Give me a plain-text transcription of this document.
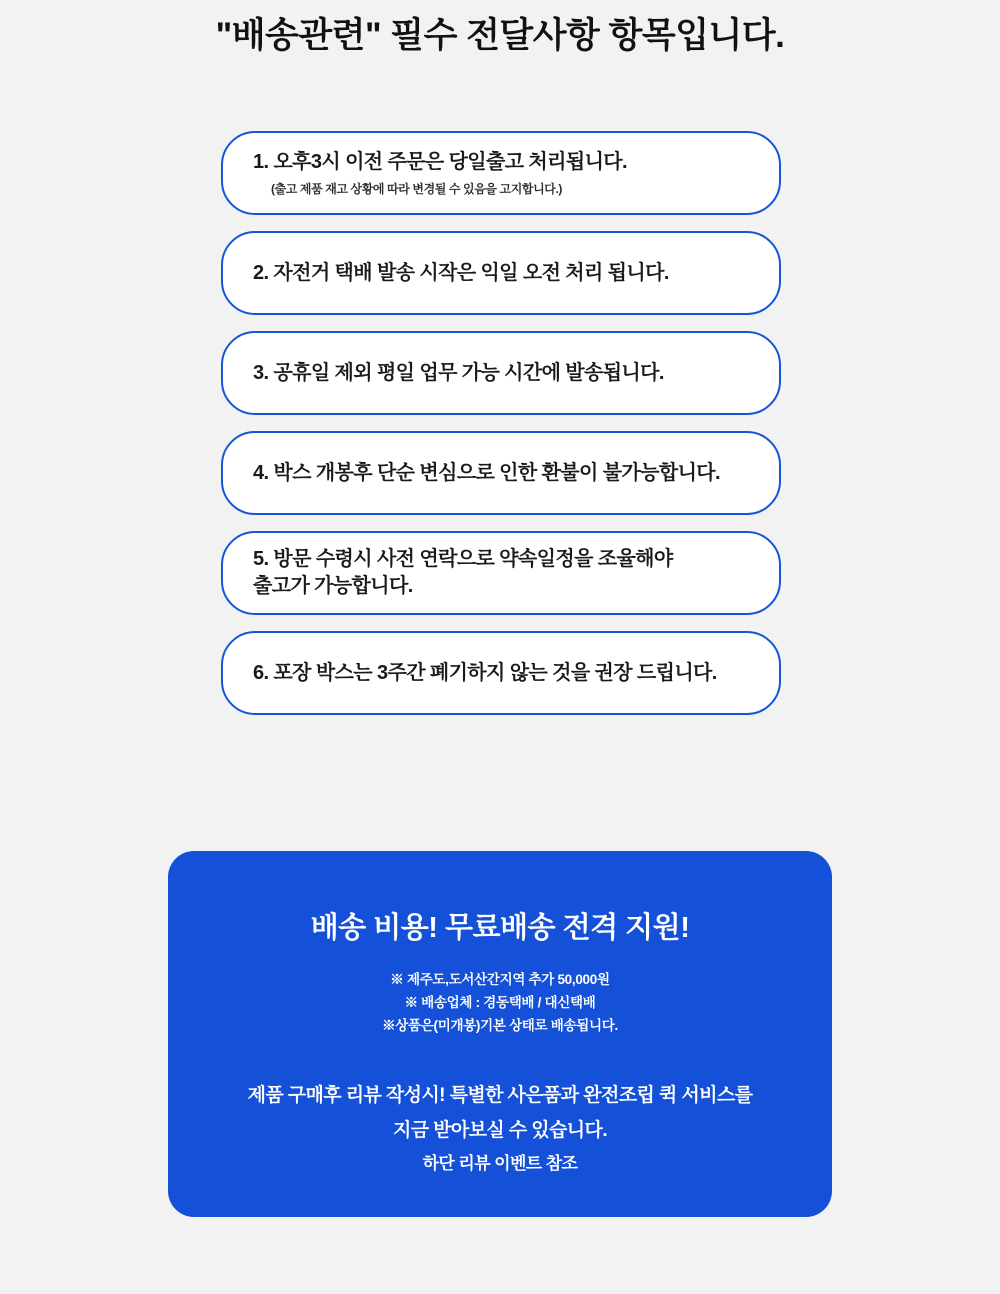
"배송관련" 필수 전달사항 항목입니다.
1. 오후3시 이전 주문은 당일출고 처리됩니다.
(출고 제품 재고 상황에 따라 변경될 수 있음을 고지합니다.)
2. 자전거 택배 발송 시작은 익일 오전 처리 됩니다.
3. 공휴일 제외 평일 업무 가능 시간에 발송됩니다.
4. 박스 개봉후 단순 변심으로 인한 환불이 불가능합니다.
5. 방문 수령시 사전 연락으로 약속일정을 조율해야
출고가 가능합니다.
6. 포장 박스는 3주간 폐기하지 않는 것을 권장 드립니다.
배송 비용! 무료배송 전격 지원!
※ 제주도,도서산간지역 추가 50,000원
※ 배송업체 : 경동택배 / 대신택배
※상품은(미개봉)기본 상태로 배송됩니다.
제품 구매후 리뷰 작성시! 특별한 사은품과 완전조립 퀵 서비스를
지금 받아보실 수 있습니다.
하단 리뷰 이벤트 참조
